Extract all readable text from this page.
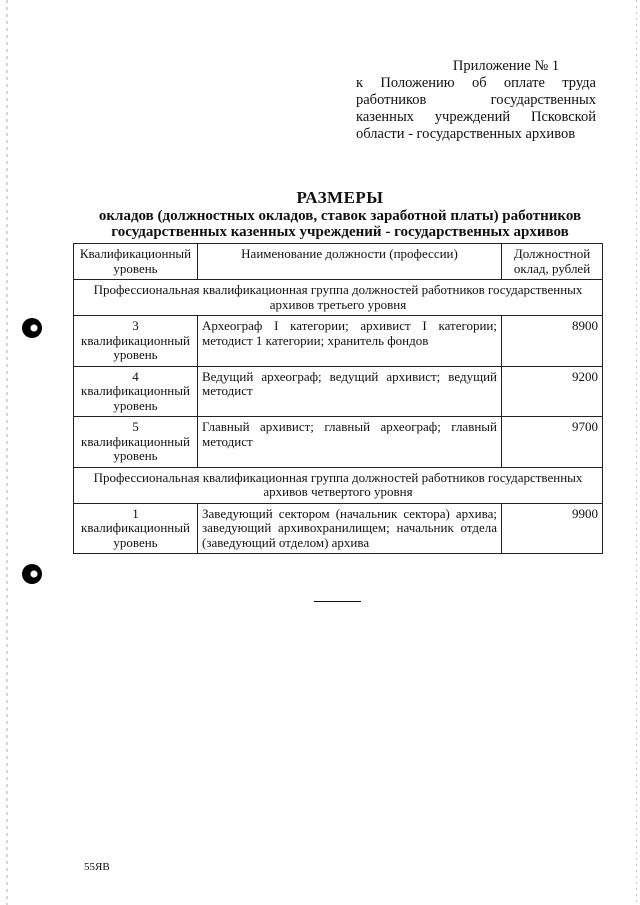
Приложение № 1
к Положению об оплате труда работников государственных казенных учреждений Псковской области - государственных архивов
РАЗМЕРЫ
окладов (должностных окладов, ставок заработной платы) работников государственных казенных учреждений - государственных архивов
Квалификационный уровень	Наименование должности (профессии)	Должностной оклад, рублей
Профессиональная квалификационная группа должностей работников государственных архивов третьего уровня		
3 квалификационный уровень	Археограф I категории; архивист I категории; методист 1 категории; хранитель фондов	8900
4 квалификационный уровень	Ведущий археограф; ведущий архивист; ведущий методист	9200
5 квалификационный уровень	Главный архивист; главный археограф; главный методист	9700
Профессиональная квалификационная группа должностей работников государственных архивов четвертого уровня		
1 квалификационный уровень	Заведующий сектором (начальник сектора) архива; заведующий архивохранилищем; начальник отдела (заведующий отделом) архива	9900
55ЯВ
